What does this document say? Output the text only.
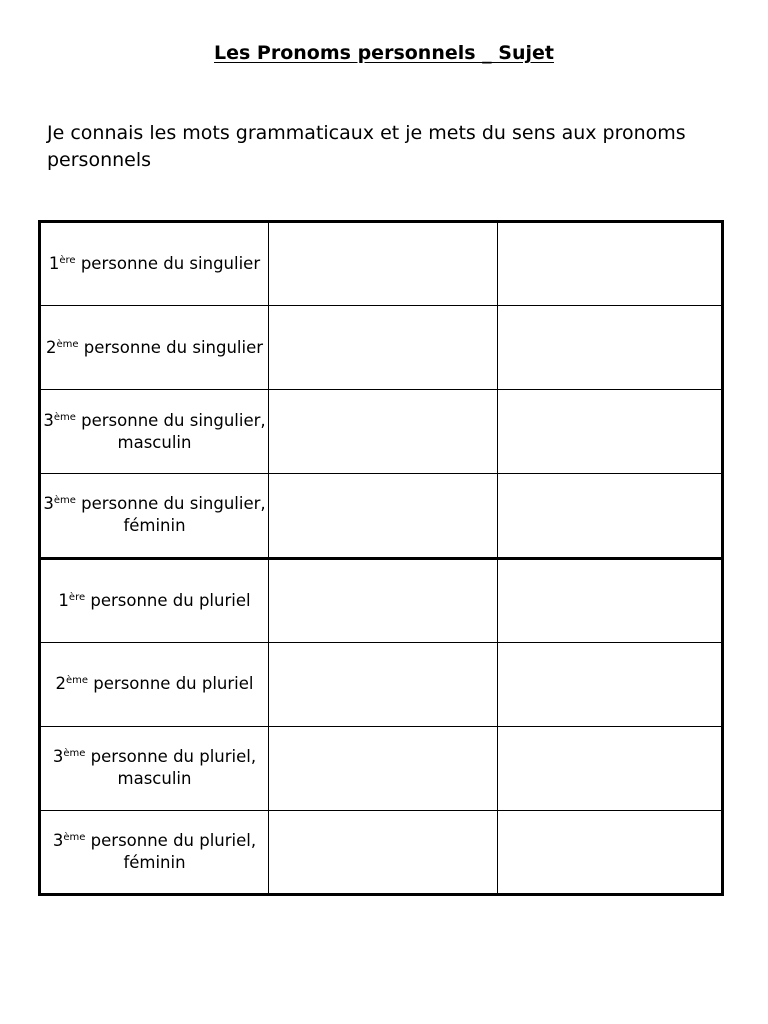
Les Pronoms personnels _ Sujet
Je connais les mots grammaticaux et je mets du sens aux pronoms personnels
1ère personne du singulier		
2ème personne du singulier		
3ème personne du singulier, masculin		
3ème personne du singulier, féminin		
1ère personne du pluriel		
2ème personne du pluriel		
3ème personne du pluriel, masculin		
3ème personne du pluriel, féminin		
